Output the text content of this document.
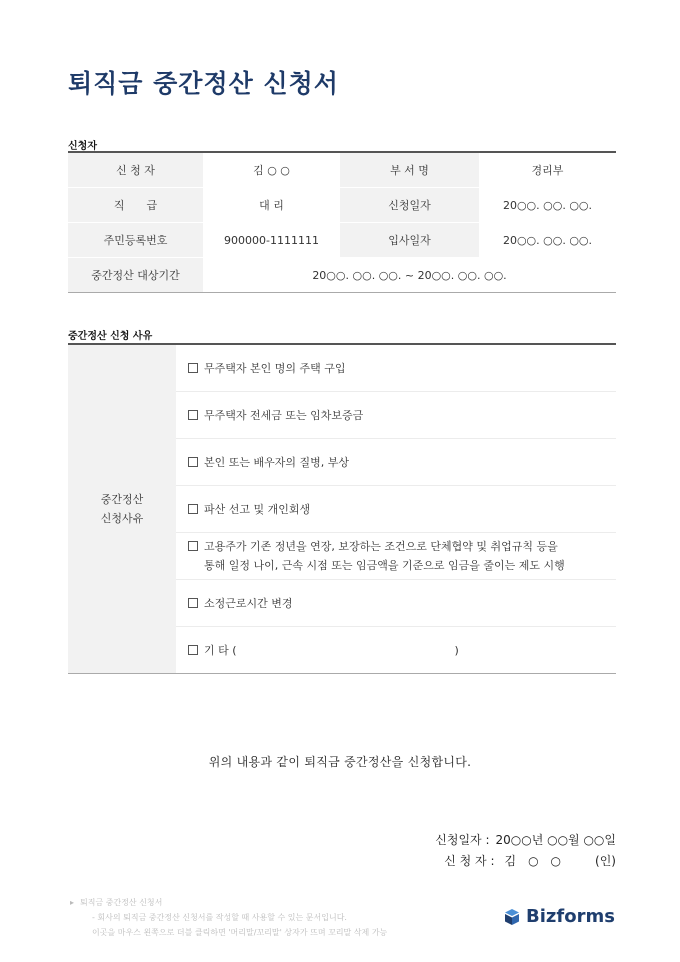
퇴직금 중간정산 신청서
신청자
신 청 자	김 ○ ○	부 서 명	경리부
직　　급	대 리	신청일자	20○○. ○○. ○○.
주민등록번호	900000-1111111	입사일자	20○○. ○○. ○○.
중간정산 대상기간	20○○. ○○. ○○. ~ 20○○. ○○. ○○.		
중간정산 신청 사유
중간정산
신청사유
	무주택자 본인 명의 주택 구입
무주택자 전세금 또는 임차보증금
본인 또는 배우자의 질병, 부상
파산 선고 및 개인회생

고용주가 기존 정년을 연장, 보장하는 조건으로 단체협약 및 취업규칙 등을
통해 일정 나이, 근속 시점 또는 임금액을 기준으로 임금을 줄이는 제도 시행

소정근로시간 변경
기 타 (	)
위의 내용과 같이 퇴직금 중간정산을 신청합니다.
신청일자 : 20○○년 ○○월 ○○일
신 청 자 : 김　○　○	(인)
▸ 퇴직금 중간정산 신청서
- 회사의 퇴직금 중간정산 신청서를 작성할 때 사용할 수 있는 문서입니다.
이곳을 마우스 왼쪽으로 더블 클릭하면 '머리말/꼬리말' 상자가 뜨며 꼬리말 삭제 가능
Bizforms
